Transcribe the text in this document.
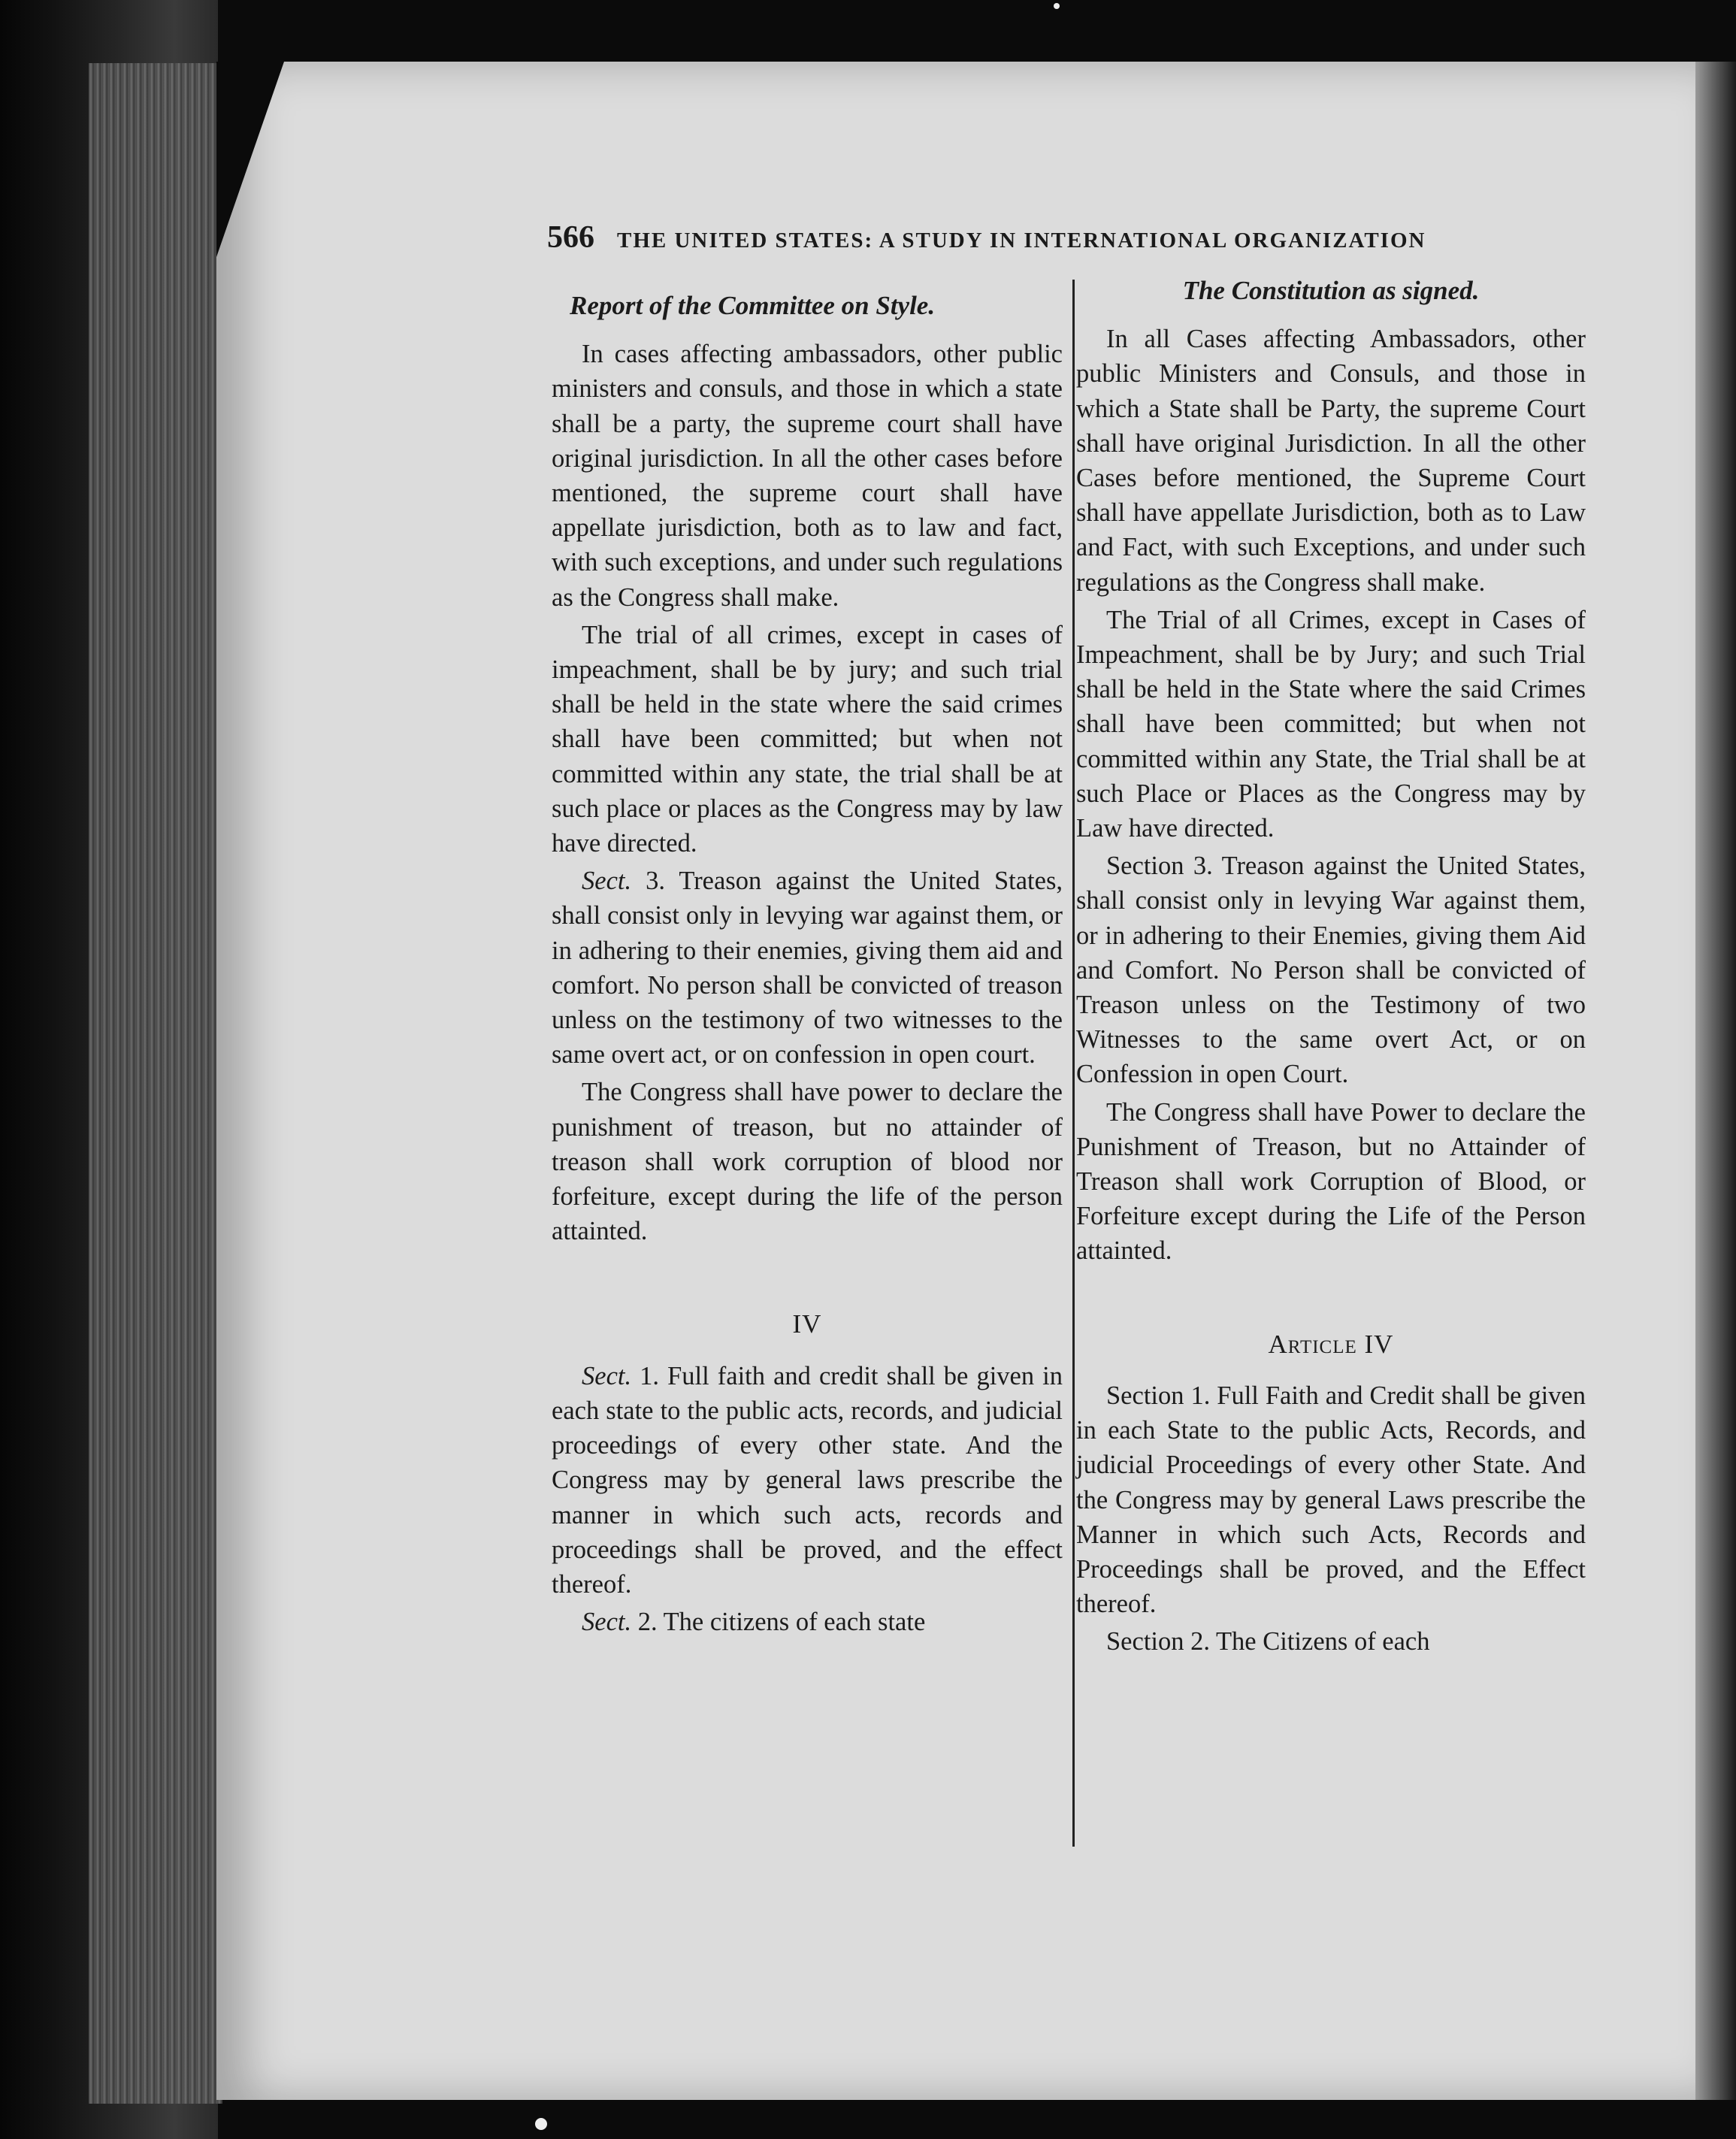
566 THE UNITED STATES: A STUDY IN INTERNATIONAL ORGANIZATION
Report of the Committee on Style.

In cases affecting ambassadors, other public ministers and consuls, and those in which a state shall be a party, the supreme court shall have original jurisdiction. In all the other cases before mentioned, the supreme court shall have appellate jurisdiction, both as to law and fact, with such exceptions, and under such regulations as the Congress shall make.

The trial of all crimes, except in cases of impeachment, shall be by jury; and such trial shall be held in the state where the said crimes shall have been committed; but when not committed within any state, the trial shall be at such place or places as the Congress may by law have directed.

Sect. 3. Treason against the United States, shall consist only in levying war against them, or in adhering to their enemies, giving them aid and comfort. No person shall be convicted of treason unless on the testimony of two witnesses to the same overt act, or on confession in open court.

The Congress shall have power to declare the punishment of treason, but no attainder of treason shall work corruption of blood nor forfeiture, except during the life of the person attainted.

IV

Sect. 1. Full faith and credit shall be given in each state to the public acts, records, and judicial proceedings of every other state. And the Congress may by general laws prescribe the manner in which such acts, records and proceedings shall be proved, and the effect thereof.

Sect. 2. The citizens of each state

The Constitution as signed.

In all Cases affecting Ambassadors, other public Ministers and Consuls, and those in which a State shall be Party, the supreme Court shall have original Jurisdiction. In all the other Cases before mentioned, the Supreme Court shall have appellate Jurisdiction, both as to Law and Fact, with such Exceptions, and under such regulations as the Congress shall make.

The Trial of all Crimes, except in Cases of Impeachment, shall be by Jury; and such Trial shall be held in the State where the said Crimes shall have been committed; but when not committed within any State, the Trial shall be at such Place or Places as the Congress may by Law have directed.

Section 3. Treason against the United States, shall consist only in levying War against them, or in adhering to their Enemies, giving them Aid and Comfort. No Person shall be convicted of Treason unless on the Testimony of two Witnesses to the same overt Act, or on Confession in open Court.

The Congress shall have Power to declare the Punishment of Treason, but no Attainder of Treason shall work Corruption of Blood, or Forfeiture except during the Life of the Person attainted.

Article IV

Section 1. Full Faith and Credit shall be given in each State to the public Acts, Records, and judicial Proceedings of every other State. And the Congress may by general Laws prescribe the Manner in which such Acts, Records and Proceedings shall be proved, and the Effect thereof.

Section 2. The Citizens of each
